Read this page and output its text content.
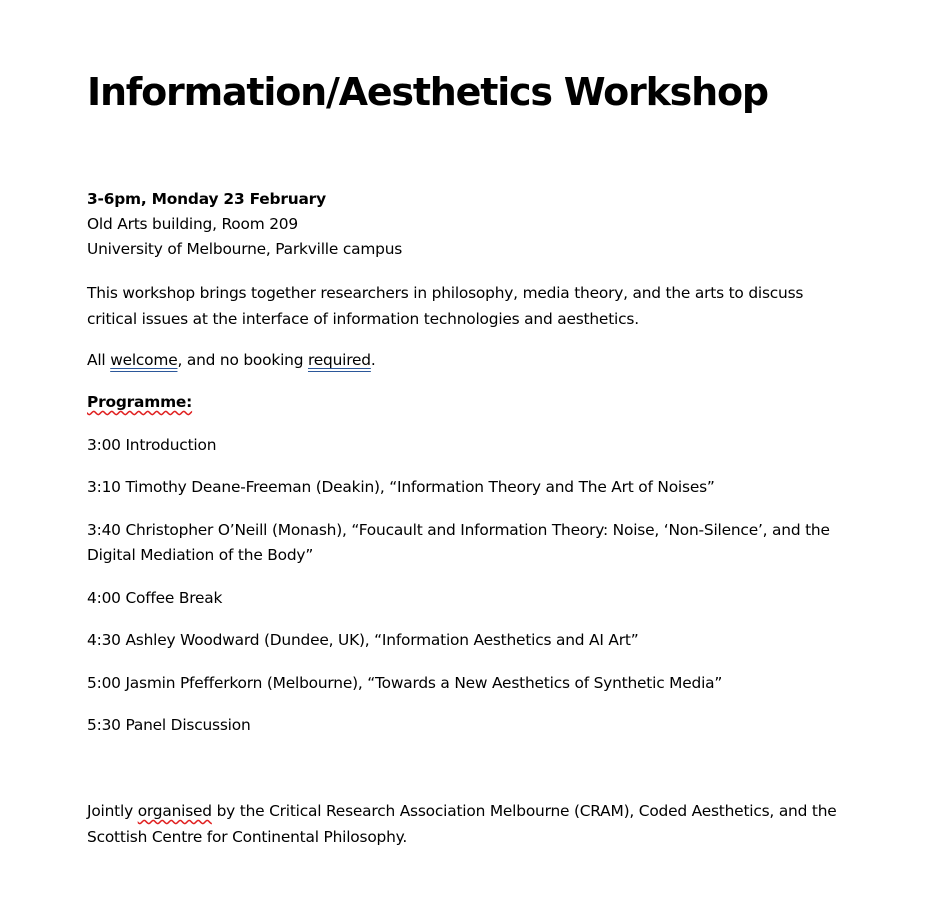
Information/Aesthetics Workshop
3-6pm, Monday 23 February
Old Arts building, Room 209
University of Melbourne, Parkville campus
This workshop brings together researchers in philosophy, media theory, and the arts to discuss
critical issues at the interface of information technologies and aesthetics.
All welcome, and no booking required.
Programme:
3:00 Introduction
3:10 Timothy Deane-Freeman (Deakin), “Information Theory and The Art of Noises”
3:40 Christopher O’Neill (Monash), “Foucault and Information Theory: Noise, ‘Non-Silence’, and the
Digital Mediation of the Body”
4:00 Coffee Break
4:30 Ashley Woodward (Dundee, UK), “Information Aesthetics and AI Art”
5:00 Jasmin Pfefferkorn (Melbourne), “Towards a New Aesthetics of Synthetic Media”
5:30 Panel Discussion
Jointly organised by the Critical Research Association Melbourne (CRAM), Coded Aesthetics, and the
Scottish Centre for Continental Philosophy.
